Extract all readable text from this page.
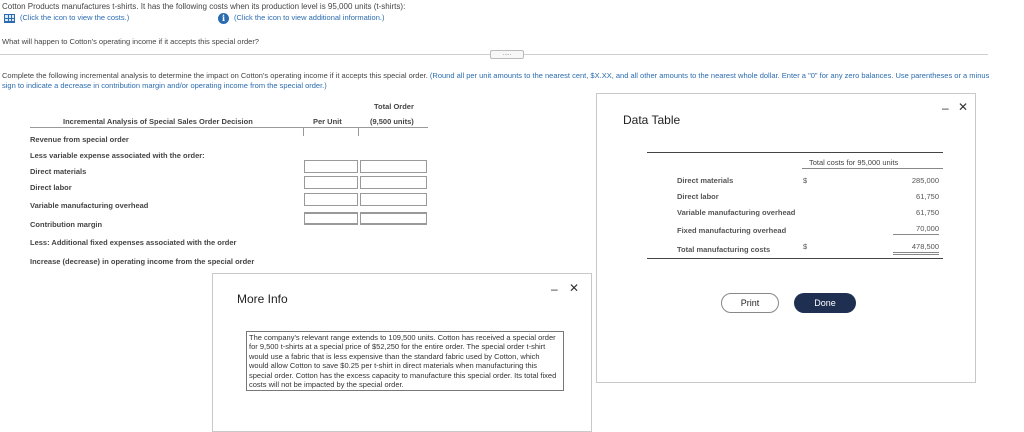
Cotton Products manufactures t-shirts. It has the following costs when its production level is 95,000 units (t-shirts):
(Click the icon to view the costs.)	i	(Click the icon to view additional information.)
What will happen to Cotton's operating income if it accepts this special order?
.....
Complete the following incremental analysis to determine the impact on Cotton's operating income if it accepts this special order. (Round all per unit amounts to the nearest cent, $X.XX, and all other amounts to the nearest whole dollar. Enter a "0" for any zero balances. Use parentheses or a minus sign to indicate a decrease in contribution margin and/or operating income from the special order.)
Total Order
Incremental Analysis of Special Sales Order Decision	Per Unit	(9,500 units)
Revenue from special order
Less variable expense associated with the order:
Direct materials
Direct labor
Variable manufacturing overhead
Contribution margin
Less: Additional fixed expenses associated with the order
Increase (decrease) in operating income from the special order
Data Table
– ✕
Total costs for 95,000 units
Direct materials	$	285,000
Direct labor	61,750
Variable manufacturing overhead	61,750
Fixed manufacturing overhead	70,000
Total manufacturing costs	$	478,500
Print	Done
More Info
– ✕
The company's relevant range extends to 109,500 units. Cotton has received a special order for 9,500 t-shirts at a special price of $52,250 for the entire order. The special order t-shirt would use a fabric that is less expensive than the standard fabric used by Cotton, which would allow Cotton to save $0.25 per t-shirt in direct materials when manufacturing this special order. Cotton has the excess capacity to manufacture this special order. Its total fixed costs will not be impacted by the special order.
